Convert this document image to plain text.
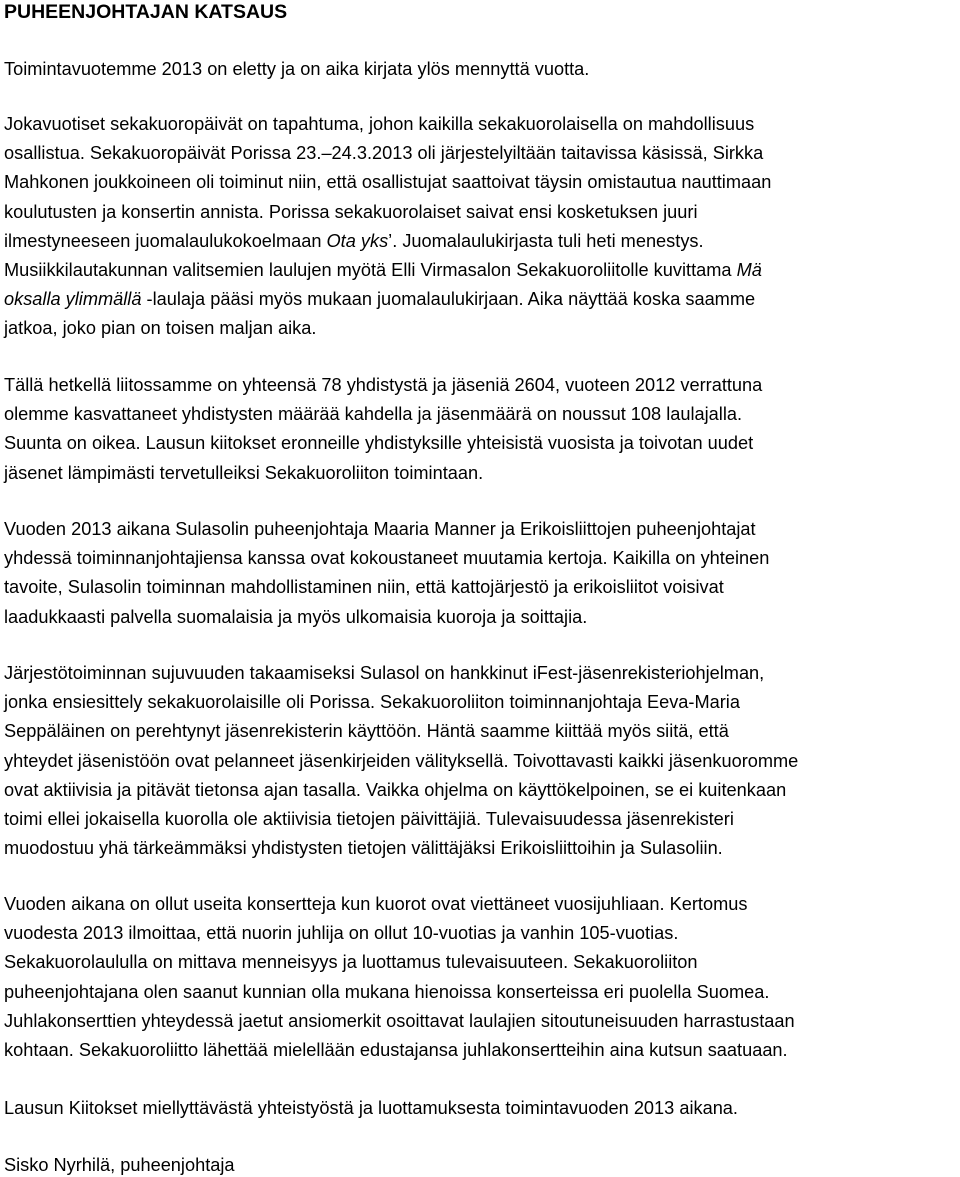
PUHEENJOHTAJAN KATSAUS

Toimintavuotemme 2013 on eletty ja on aika kirjata ylös mennyttä vuotta.

Jokavuotiset sekakuoropäivät on tapahtuma, johon kaikilla sekakuorolaisella on mahdollisuus
osallistua. Sekakuoropäivät Porissa 23.–24.3.2013 oli järjestelyiltään taitavissa käsissä, Sirkka
Mahkonen joukkoineen oli toiminut niin, että osallistujat saattoivat täysin omistautua nauttimaan
koulutusten ja konsertin annista. Porissa sekakuorolaiset saivat ensi kosketuksen juuri
ilmestyneeseen juomalaulukokoelmaan Ota yks’. Juomalaulukirjasta tuli heti menestys.
Musiikkilautakunnan valitsemien laulujen myötä Elli Virmasalon Sekakuoroliitolle kuvittama Mä
oksalla ylimmällä -laulaja pääsi myös mukaan juomalaulukirjaan. Aika näyttää koska saamme
jatkoa, joko pian on toisen maljan aika.

Tällä hetkellä liitossamme on yhteensä 78 yhdistystä ja jäseniä 2604, vuoteen 2012 verrattuna
olemme kasvattaneet yhdistysten määrää kahdella ja jäsenmäärä on noussut 108 laulajalla.
Suunta on oikea. Lausun kiitokset eronneille yhdistyksille yhteisistä vuosista ja toivotan uudet
jäsenet lämpimästi tervetulleiksi Sekakuoroliiton toimintaan.

Vuoden 2013 aikana Sulasolin puheenjohtaja Maaria Manner ja Erikoisliittojen puheenjohtajat
yhdessä toiminnanjohtajiensa kanssa ovat kokoustaneet muutamia kertoja. Kaikilla on yhteinen
tavoite, Sulasolin toiminnan mahdollistaminen niin, että kattojärjestö ja erikoisliitot voisivat
laadukkaasti palvella suomalaisia ja myös ulkomaisia kuoroja ja soittajia.

Järjestötoiminnan sujuvuuden takaamiseksi Sulasol on hankkinut iFest-jäsenrekisteriohjelman,
jonka ensiesittely sekakuorolaisille oli Porissa. Sekakuoroliiton toiminnanjohtaja Eeva-Maria
Seppäläinen on perehtynyt jäsenrekisterin käyttöön. Häntä saamme kiittää myös siitä, että
yhteydet jäsenistöön ovat pelanneet jäsenkirjeiden välityksellä. Toivottavasti kaikki jäsenkuoromme
ovat aktiivisia ja pitävät tietonsa ajan tasalla. Vaikka ohjelma on käyttökelpoinen, se ei kuitenkaan
toimi ellei jokaisella kuorolla ole aktiivisia tietojen päivittäjiä. Tulevaisuudessa jäsenrekisteri
muodostuu yhä tärkeämmäksi yhdistysten tietojen välittäjäksi Erikoisliittoihin ja Sulasoliin.

Vuoden aikana on ollut useita konsertteja kun kuorot ovat viettäneet vuosijuhliaan. Kertomus
vuodesta 2013 ilmoittaa, että nuorin juhlija on ollut 10-vuotias ja vanhin 105-vuotias.
Sekakuorolaululla on mittava menneisyys ja luottamus tulevaisuuteen. Sekakuoroliiton
puheenjohtajana olen saanut kunnian olla mukana hienoissa konserteissa eri puolella Suomea.
Juhlakonserttien yhteydessä jaetut ansiomerkit osoittavat laulajien sitoutuneisuuden harrastustaan
kohtaan. Sekakuoroliitto lähettää mielellään edustajansa juhlakonsertteihin aina kutsun saatuaan.

Lausun Kiitokset miellyttävästä yhteistyöstä ja luottamuksesta toimintavuoden 2013 aikana.

Sisko Nyrhilä, puheenjohtaja
